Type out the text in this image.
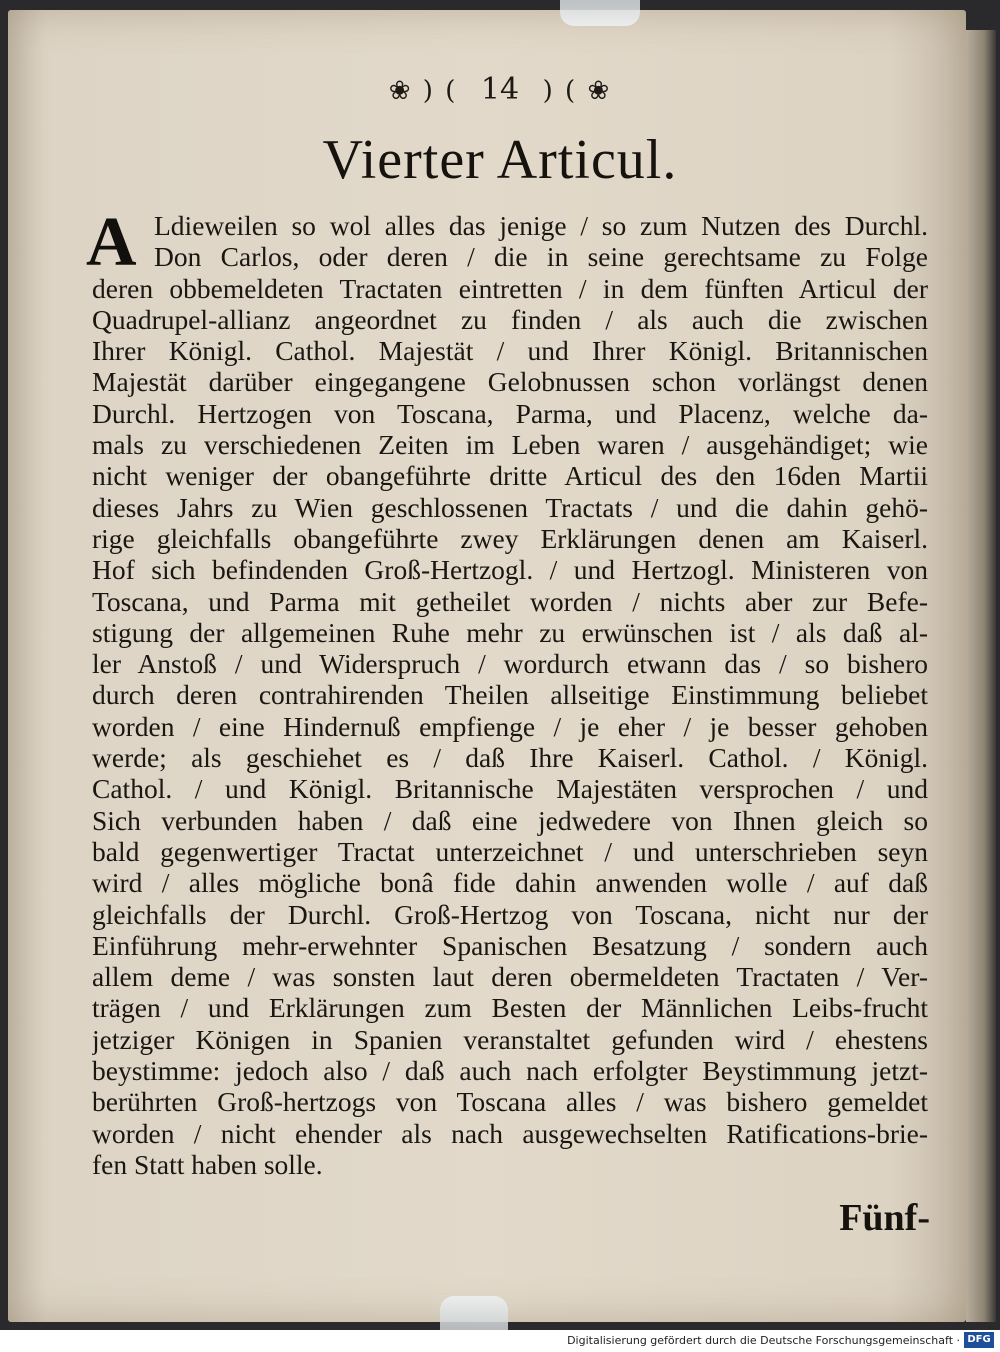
❀ ) ( 14 ) ( ❀
Vierter Articul.
A Ldieweilen so wol alles das jenige / so zum Nutzen des Durchl.
Don Carlos, oder deren / die in seine gerechtsame zu Folge
deren obbemeldeten Tractaten eintretten / in dem fünften Articul der
Quadrupel-allianz angeordnet zu finden / als auch die zwischen
Ihrer Königl. Cathol. Majestät / und Ihrer Königl. Britannischen
Majestät darüber eingegangene Gelobnussen schon vorlängst denen
Durchl. Hertzogen von Toscana, Parma, und Placenz, welche da-
mals zu verschiedenen Zeiten im Leben waren / ausgehändiget; wie
nicht weniger der obangeführte dritte Articul des den 16den Martii
dieses Jahrs zu Wien geschlossenen Tractats / und die dahin gehö-
rige gleichfalls obangeführte zwey Erklärungen denen am Kaiserl.
Hof sich befindenden Groß-Hertzogl. / und Hertzogl. Ministeren von
Toscana, und Parma mit getheilet worden / nichts aber zur Befe-
stigung der allgemeinen Ruhe mehr zu erwünschen ist / als daß al-
ler Anstoß / und Widerspruch / wordurch etwann das / so bishero
durch deren contrahirenden Theilen allseitige Einstimmung beliebet
worden / eine Hindernuß empfienge / je eher / je besser gehoben
werde; als geschiehet es / daß Ihre Kaiserl. Cathol. / Königl.
Cathol. / und Königl. Britannische Majestäten versprochen / und
Sich verbunden haben / daß eine jedwedere von Ihnen gleich so
bald gegenwertiger Tractat unterzeichnet / und unterschrieben seyn
wird / alles mögliche bonâ fide dahin anwenden wolle / auf daß
gleichfalls der Durchl. Groß-Hertzog von Toscana, nicht nur der
Einführung mehr-erwehnter Spanischen Besatzung / sondern auch
allem deme / was sonsten laut deren obermeldeten Tractaten / Ver-
trägen / und Erklärungen zum Besten der Männlichen Leibs-frucht
jetziger Königen in Spanien veranstaltet gefunden wird / ehestens
beystimme: jedoch also / daß auch nach erfolgter Beystimmung jetzt-
berührten Groß-hertzogs von Toscana alles / was bishero gemeldet
worden / nicht ehender als nach ausgewechselten Ratifications-brie-
fen Statt haben solle.
Fünf-
Digitalisierung gefördert durch die Deutsche Forschungsgemeinschaft · DFG
